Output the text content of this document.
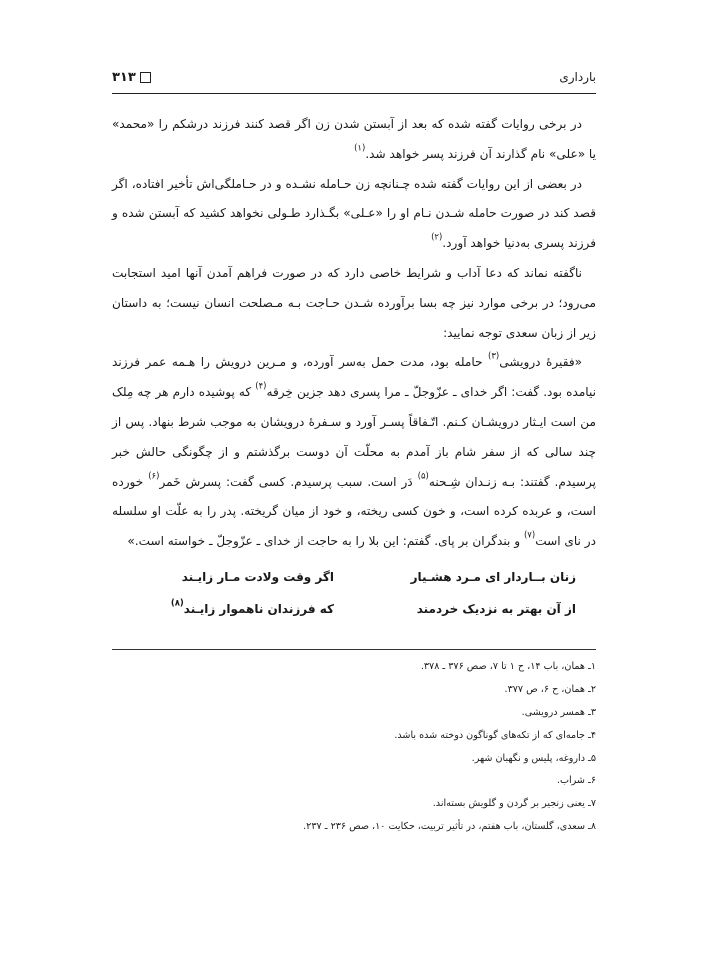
بارداری
۳۱۳

در برخی روایات گفته شده که بعد از آبستن شدن زن اگر قصد کنند فرزند درشکم را «محمد» یا «علی» نام گذارند آن فرزند پسر خواهد شد.$^{(۱)}$

در بعضی از این روایات گفته شده چـنانچه زن حـامله نشـده و در حـاملگی‌اش تأخیر افتاده، اگر قصد کند در صورت حامله شـدن نـام او را «عـلی» بگـذارد طـولی نخواهد کشید که آبستن شده و فرزند پسری به‌دنیا خواهد آورد.$^{(۲)}$

ناگفته نماند که دعا آداب و شرایط خاصی دارد که در صورت فراهم آمدن آنها امید استجابت می‌رود؛ در برخی موارد نیز چه بسا برآورده شـدن حـاجت بـه مـصلحت انسان نیست؛ به داستان زیر از زبان سعدی توجه نمایید:

«فقیرهٔ درویشی$^{(۳)}$ حامله بود، مدت حمل به‌سر آورده، و مـرین درویش را هـمه عمر فرزند نیامده بود. گفت: اگر خدای ـ عزّوجلّ ـ مرا پسری دهد جزین خِرقه$^{(۴)}$ که پوشیده دارم هر چه مِلک من است ایـثار درویشـان کـنم. اتّـفاقاً پسـر آورد و سـفرهٔ درویشان به موجب شرط بنهاد. پس از چند سالی که از سفر شام باز آمدم به محلّت آن دوست برگذشتم و از چگونگی حالش خبر پرسیدم. گفتند: بـه زنـدان شِـحنه$^{(۵)}$ دَر است. سبب پرسیدم. کسی گفت: پسرش خَمر$^{(۶)}$ خورده است، و عربده کرده است، و خون کسی ریخته، و خود از میان گریخته. پدر را به علّت او سلسله در نای است$^{(۷)}$ و بندگران بر پای. گفتم: این بلا را به حاجت از خدای ـ عزّوجلّ ـ خواسته است.»

زنان بــاردار ای مـرد هشـیار
اگر وقت ولادت مـار زایـند
از آن بهتر به نزدیک خردمند
که فرزندان ناهموار زایـند$^{(۸)}$
۱ـ همان، باب ۱۴، ح ۱ تا ۷، صص ۳۷۶ ـ ۳۷۸.
۲ـ همان، ح ۶، ص ۳۷۷.
۳ـ همسر درویشی.
۴ـ جامه‌ای که از تکه‌های گوناگون دوخته شده باشد.
۵ـ داروغه، پلیس و نگهبان شهر.
۶ـ شراب.
۷ـ یعنی زنجیر بر گردن و گلویش بسته‌اند.
۸ـ سعدی، گلستان، باب هفتم، در تأثیر تربیت، حکایت ۱۰، صص ۲۳۶ ـ ۲۳۷.
